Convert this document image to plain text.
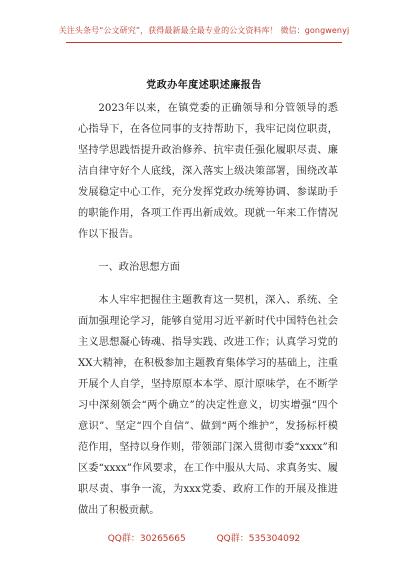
关注头条号“公文研究”，获得最新最全最专业的公文资料库！ 微信：gongwenyj
党政办年度述职述廉报告

2023年以来，在镇党委的正确领导和分管领导的悉心指导下，在各位同事的支持帮助下，我牢记岗位职责，坚持学思践悟提升政治修养、抗牢责任强化履职尽责、廉洁自律守好个人底线，深入落实上级决策部署，围绕改革发展稳定中心工作，充分发挥党政办统筹协调、参谋助手的职能作用，各项工作再出新成效。现就一年来工作情况作以下报告。

一、政治思想方面

本人牢牢把握住主题教育这一契机，深入、系统、全面加强理论学习，能够自觉用习近平新时代中国特色社会主义思想凝心铸魂、指导实践、改进工作；认真学习党的XX大精神，在积极参加主题教育集体学习的基础上，注重开展个人自学，坚持原原本本学、原汁原味学，在不断学习中深刻领会“两个确立”的决定性意义，切实增强“四个意识”、坚定“四个自信”、做到“两个维护”，发扬标杆模范作用，坚持以身作则，带领部门深入贯彻市委“xxxx”和区委“xxxx”作风要求，在工作中服从大局、求真务实、履职尽责、事争一流，为xxx党委、政府工作的开展及推进做出了积极贡献。

QQ群：30265665	QQ群：535304092
